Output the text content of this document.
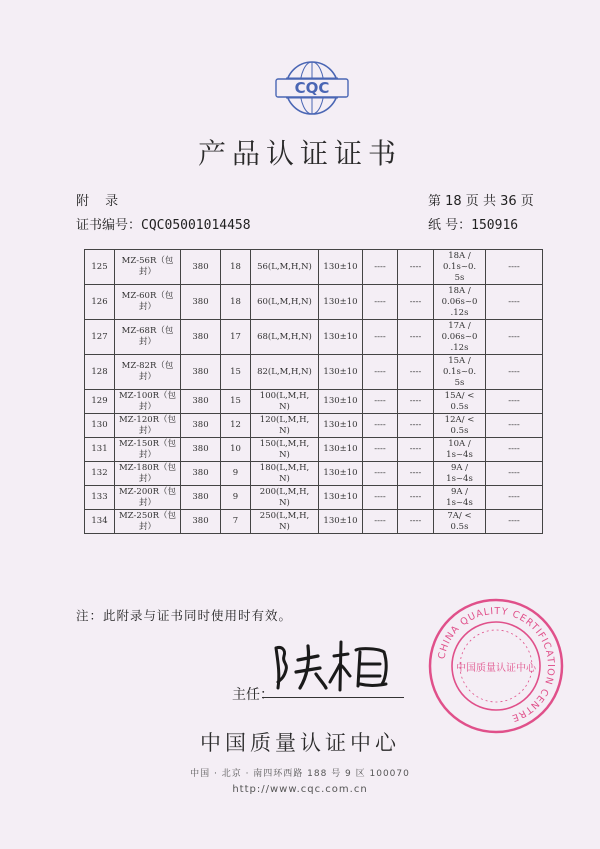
CQC
产品认证证书
附 录	第 18 页 共 36 页
证书编号：CQC05001014458	纸 号：150916
125	MZ-56R（包
封）	380	18	56(L,M,H,N)	130±10	----	----	18A /
0.1s~0.
5s	----
126	MZ-60R（包
封）	380	18	60(L,M,H,N)	130±10	----	----	18A /
0.06s~0
.12s	----
127	MZ-68R（包
封）	380	17	68(L,M,H,N)	130±10	----	----	17A /
0.06s~0
.12s	----
128	MZ-82R（包
封）	380	15	82(L,M,H,N)	130±10	----	----	15A /
0.1s~0.
5s	----
129	MZ-100R（包
封）	380	15	100(L,M,H,
N)	130±10	----	----	15A/ <
0.5s	----
130	MZ-120R（包
封）	380	12	120(L,M,H,
N)	130±10	----	----	12A/ <
0.5s	----
131	MZ-150R（包
封）	380	10	150(L,M,H,
N)	130±10	----	----	10A /
1s~4s	----
132	MZ-180R（包
封）	380	9	180(L,M,H,
N)	130±10	----	----	9A /
1s~4s	----
133	MZ-200R（包
封）	380	9	200(L,M,H,
N)	130±10	----	----	9A /
1s~4s	----
134	MZ-250R（包
封）	380	7	250(L,M,H,
N)	130±10	----	----	7A/ <
0.5s	----
注：此附录与证书同时使用时有效。
主任：
CHINA QUALITY CERTIFICATION CENTRE
中国质量认证中心
中国质量认证中心
中国 · 北京 · 南四环西路 188 号 9 区 100070
http://www.cqc.com.cn
